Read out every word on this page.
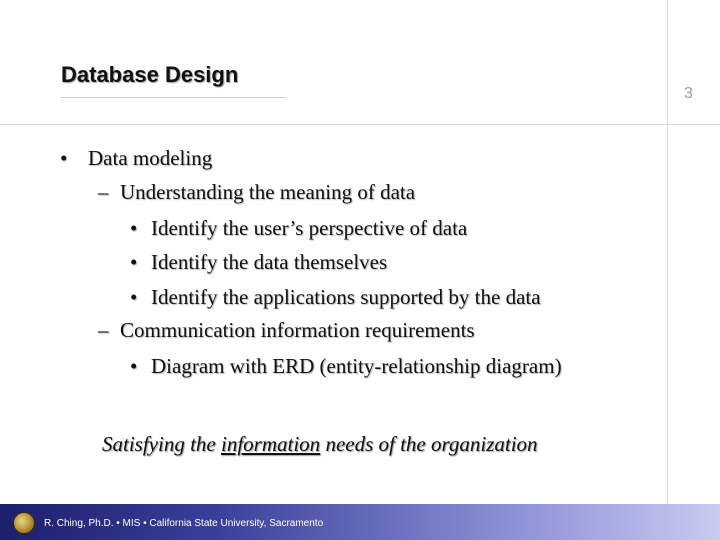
Database Design
3
• Data modeling
– Understanding the meaning of data
• Identify the user’s perspective of data
• Identify the data themselves
• Identify the applications supported by the data
– Communication information requirements
• Diagram with ERD (entity-relationship diagram)
Satisfying the information needs of the organization
R. Ching, Ph.D. • MIS • California State University, Sacramento
